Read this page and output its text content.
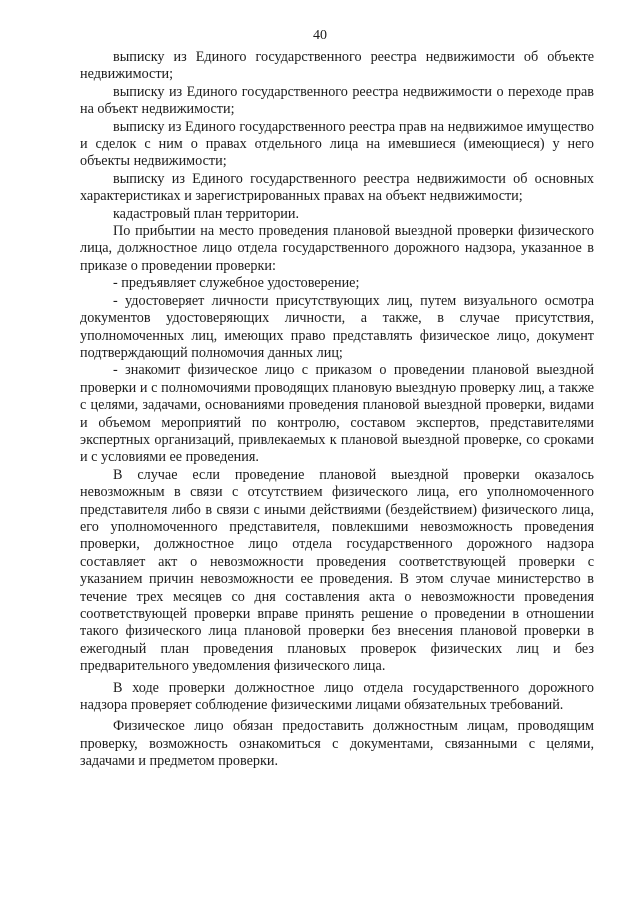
40

выписку из Единого государственного реестра недвижимости об объекте недвижимости;

выписку из Единого государственного реестра недвижимости о переходе прав на объект недвижимости;

выписку из Единого государственного реестра прав на недвижимое имущество и сделок с ним о правах отдельного лица на имевшиеся (имеющиеся) у него объекты недвижимости;

выписку из Единого государственного реестра недвижимости об основных характеристиках и зарегистрированных правах на объект недвижимости;

кадастровый план территории.

По прибытии на место проведения плановой выездной проверки физического лица, должностное лицо отдела государственного дорожного надзора, указанное в приказе о проведении проверки:

- предъявляет служебное удостоверение;

- удостоверяет личности присутствующих лиц, путем визуального осмотра документов удостоверяющих личности, а также, в случае присутствия, уполномоченных лиц, имеющих право представлять физическое лицо, документ подтверждающий полномочия данных лиц;

- знакомит физическое лицо с приказом о проведении плановой выездной проверки и с полномочиями проводящих плановую выездную проверку лиц, а также с целями, задачами, основаниями проведения плановой выездной проверки, видами и объемом мероприятий по контролю, составом экспертов, представителями экспертных организаций, привлекаемых к плановой выездной проверке, со сроками и с условиями ее проведения.

В случае если проведение плановой выездной проверки оказалось невозможным в связи с отсутствием физического лица, его уполномоченного представителя либо в связи с иными действиями (бездействием) физического лица, его уполномоченного представителя, повлекшими невозможность проведения проверки, должностное лицо отдела государственного дорожного надзора составляет акт о невозможности проведения соответствующей проверки с указанием причин невозможности ее проведения. В этом случае министерство в течение трех месяцев со дня составления акта о невозможности проведения соответствующей проверки вправе принять решение о проведении в отношении такого физического лица плановой проверки без внесения плановой проверки в ежегодный план проведения плановых проверок физических лиц и без предварительного уведомления физического лица.

В ходе проверки должностное лицо отдела государственного дорожного надзора проверяет соблюдение физическими лицами обязательных требований.

Физическое лицо обязан предоставить должностным лицам, проводящим проверку, возможность ознакомиться с документами, связанными с целями, задачами и предметом проверки.
